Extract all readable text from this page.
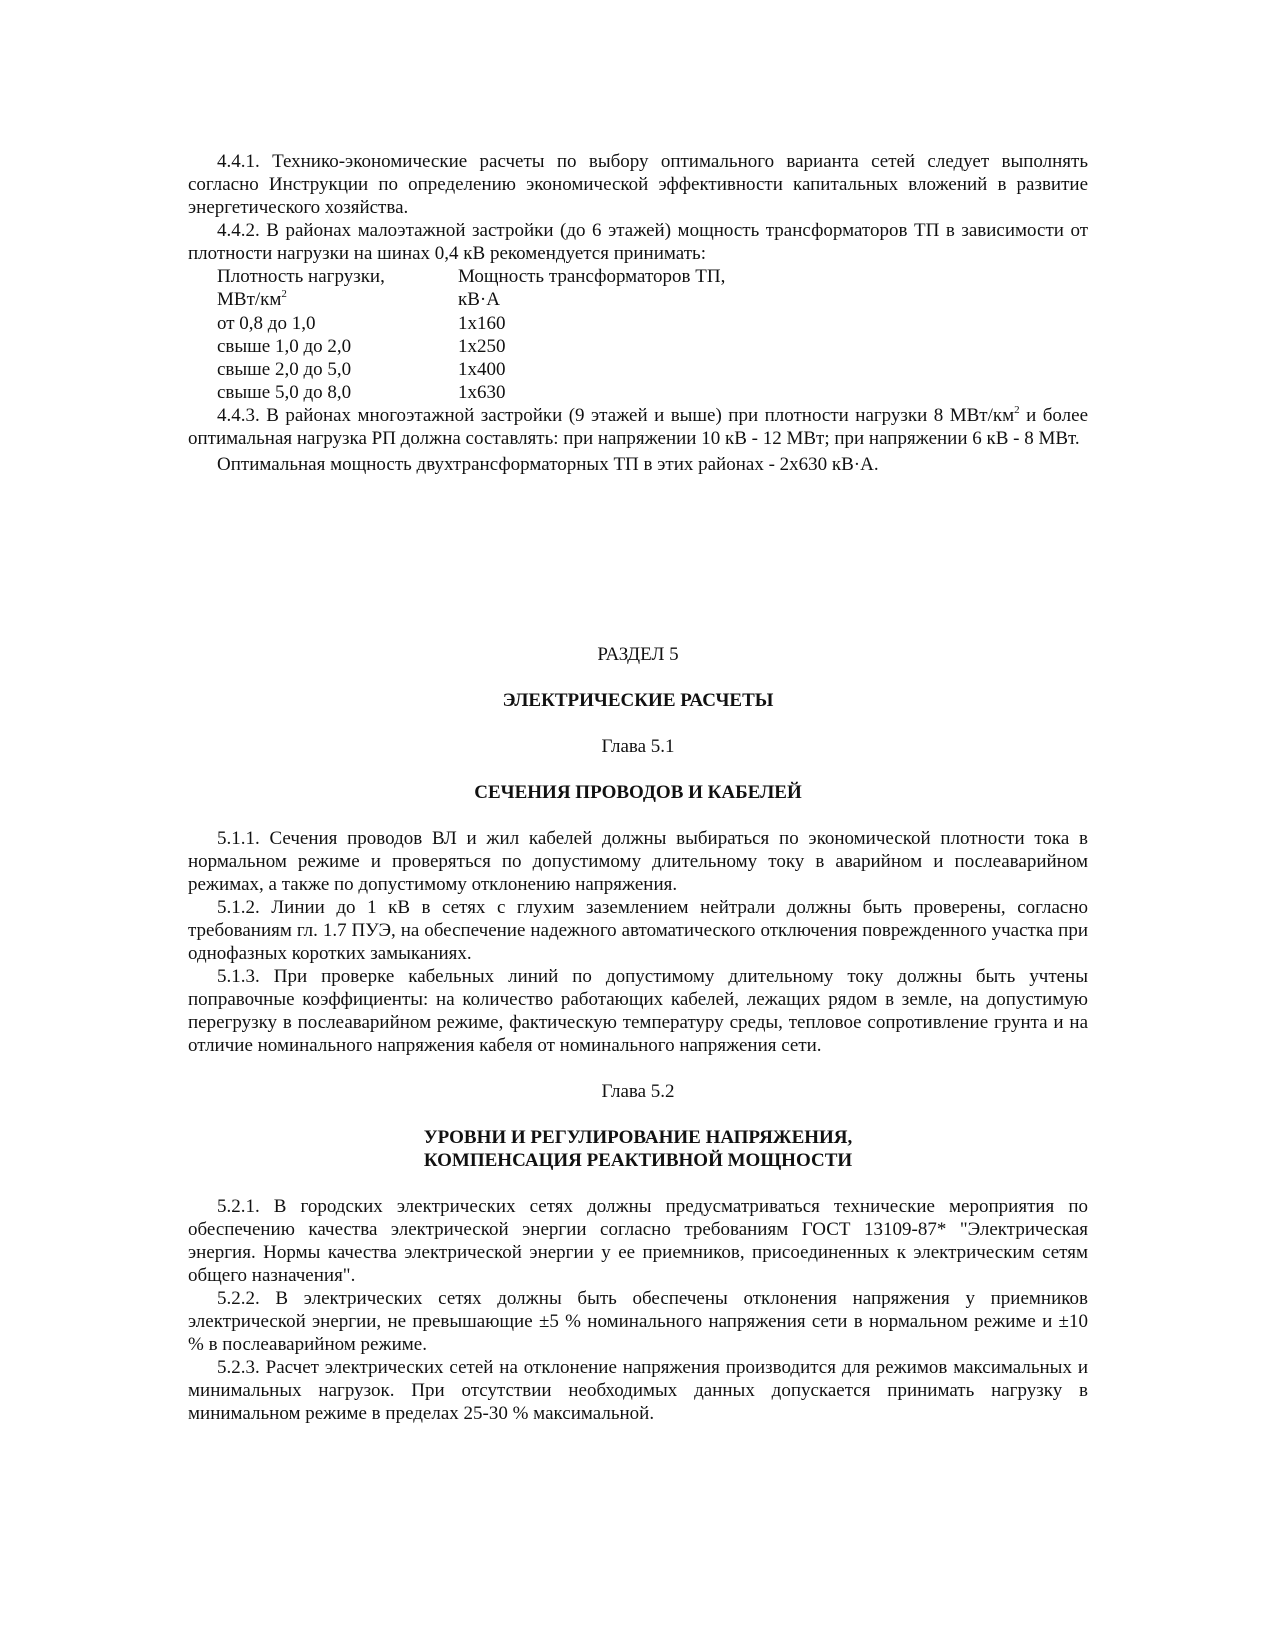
4.4.1. Технико-экономические расчеты по выбору оптимального варианта сетей следует выполнять согласно Инструкции по определению экономической эффективности капитальных вложений в развитие энергетического хозяйства.

4.4.2. В районах малоэтажной застройки (до 6 этажей) мощность трансформаторов ТП в зависимости от плотности нагрузки на шинах 0,4 кВ рекомендуется принимать:

Плотность нагрузки,	Мощность трансформаторов ТП,
МВт/$км^2$	кВ·А
от 0,8 до 1,0	1х160
свыше 1,0 до 2,0	1х250
свыше 2,0 до 5,0	1х400
свыше 5,0 до 8,0	1х630

4.4.3. В районах многоэтажной застройки (9 этажей и выше) при плотности нагрузки 8 МВт/$км^2$ и более оптимальная нагрузка РП должна составлять: при напряжении 10 кВ - 12 МВт; при напряжении 6 кВ - 8 МВт.

Оптимальная мощность двухтрансформаторных ТП в этих районах - 2х630 кВ·А.

РАЗДЕЛ 5

ЭЛЕКТРИЧЕСКИЕ РАСЧЕТЫ

Глава 5.1

СЕЧЕНИЯ ПРОВОДОВ И КАБЕЛЕЙ

5.1.1. Сечения проводов ВЛ и жил кабелей должны выбираться по экономической плотности тока в нормальном режиме и проверяться по допустимому длительному току в аварийном и послеаварийном режимах, а также по допустимому отклонению напряжения.

5.1.2. Линии до 1 кВ в сетях с глухим заземлением нейтрали должны быть проверены, согласно требованиям гл. 1.7 ПУЭ, на обеспечение надежного автоматического отключения поврежденного участка при однофазных коротких замыканиях.

5.1.3. При проверке кабельных линий по допустимому длительному току должны быть учтены поправочные коэффициенты: на количество работающих кабелей, лежащих рядом в земле, на допустимую перегрузку в послеаварийном режиме, фактическую температуру среды, тепловое сопротивление грунта и на отличие номинального напряжения кабеля от номинального напряжения сети.

Глава 5.2

УРОВНИ И РЕГУЛИРОВАНИЕ НАПРЯЖЕНИЯ,

КОМПЕНСАЦИЯ РЕАКТИВНОЙ МОЩНОСТИ

5.2.1. В городских электрических сетях должны предусматриваться технические мероприятия по обеспечению качества электрической энергии согласно требованиям ГОСТ 13109-87* "Электрическая энергия. Нормы качества электрической энергии у ее приемников, присоединенных к электрическим сетям общего назначения".

5.2.2. В электрических сетях должны быть обеспечены отклонения напряжения у приемников электрической энергии, не превышающие ±5 % номинального напряжения сети в нормальном режиме и ±10 % в послеаварийном режиме.

5.2.3. Расчет электрических сетей на отклонение напряжения производится для режимов максимальных и минимальных нагрузок. При отсутствии необходимых данных допускается принимать нагрузку в минимальном режиме в пределах 25-30 % максимальной.
